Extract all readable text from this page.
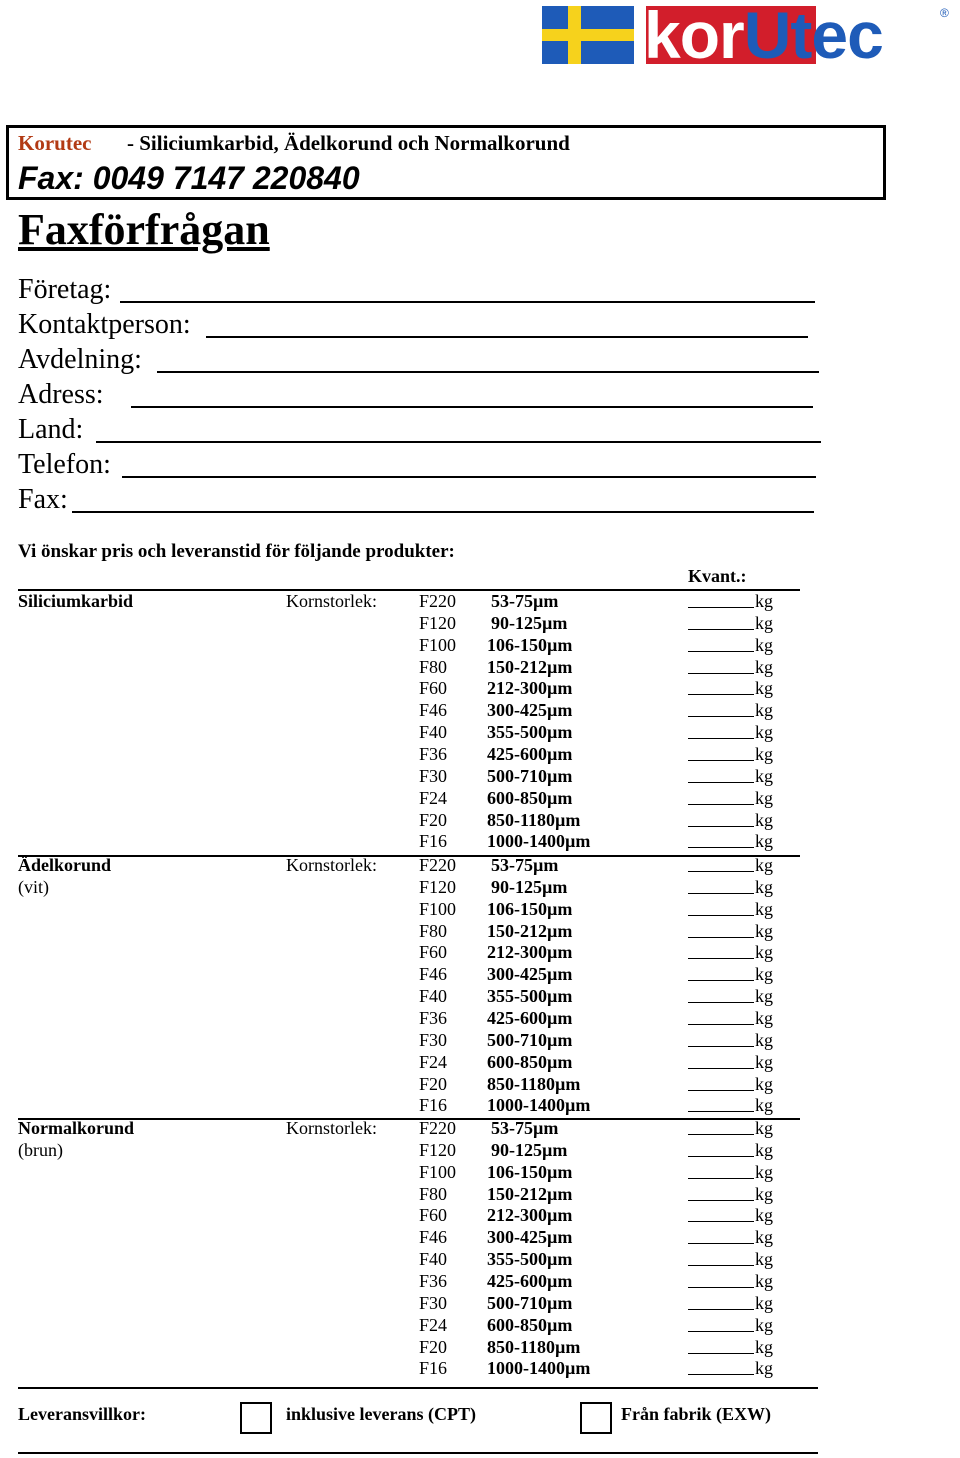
korUtec	®
Korutec - Siliciumkarbid, Ädelkorund och Normalkorund
Fax: 0049 7147 220840
Faxförfrågan
Företag:
Kontaktperson:
Avdelning:
Adress:
Land:
Telefon:
Fax:
Vi önskar pris och leveranstid för följande produkter:
Kvant.:
Siliciumkarbid	Kornstorlek: F220 53-75µm	kg
F120 90-125µm	kg
F100 106-150µm	kg
F80 150-212µm	kg
F60 212-300µm	kg
F46 300-425µm	kg
F40 355-500µm	kg
F36 425-600µm	kg
F30 500-710µm	kg
F24 600-850µm	kg
F20 850-1180µm	kg
F16 1000-1400µm	kg
Ädelkorund
(vit)
Kornstorlek: F220 53-75µm	kg
F120 90-125µm	kg
F100 106-150µm	kg
F80 150-212µm	kg
F60 212-300µm	kg
F46 300-425µm	kg
F40 355-500µm	kg
F36 425-600µm	kg
F30 500-710µm	kg
F24 600-850µm	kg
F20 850-1180µm	kg
F16 1000-1400µm	kg
Normalkorund
(brun)
Kornstorlek: F220 53-75µm	kg
F120 90-125µm	kg
F100 106-150µm	kg
F80 150-212µm	kg
F60 212-300µm	kg
F46 300-425µm	kg
F40 355-500µm	kg
F36 425-600µm	kg
F30 500-710µm	kg
F24 600-850µm	kg
F20 850-1180µm	kg
F16 1000-1400µm	kg
Leveransvillkor:	inklusive leverans (CPT)	Från fabrik (EXW)
